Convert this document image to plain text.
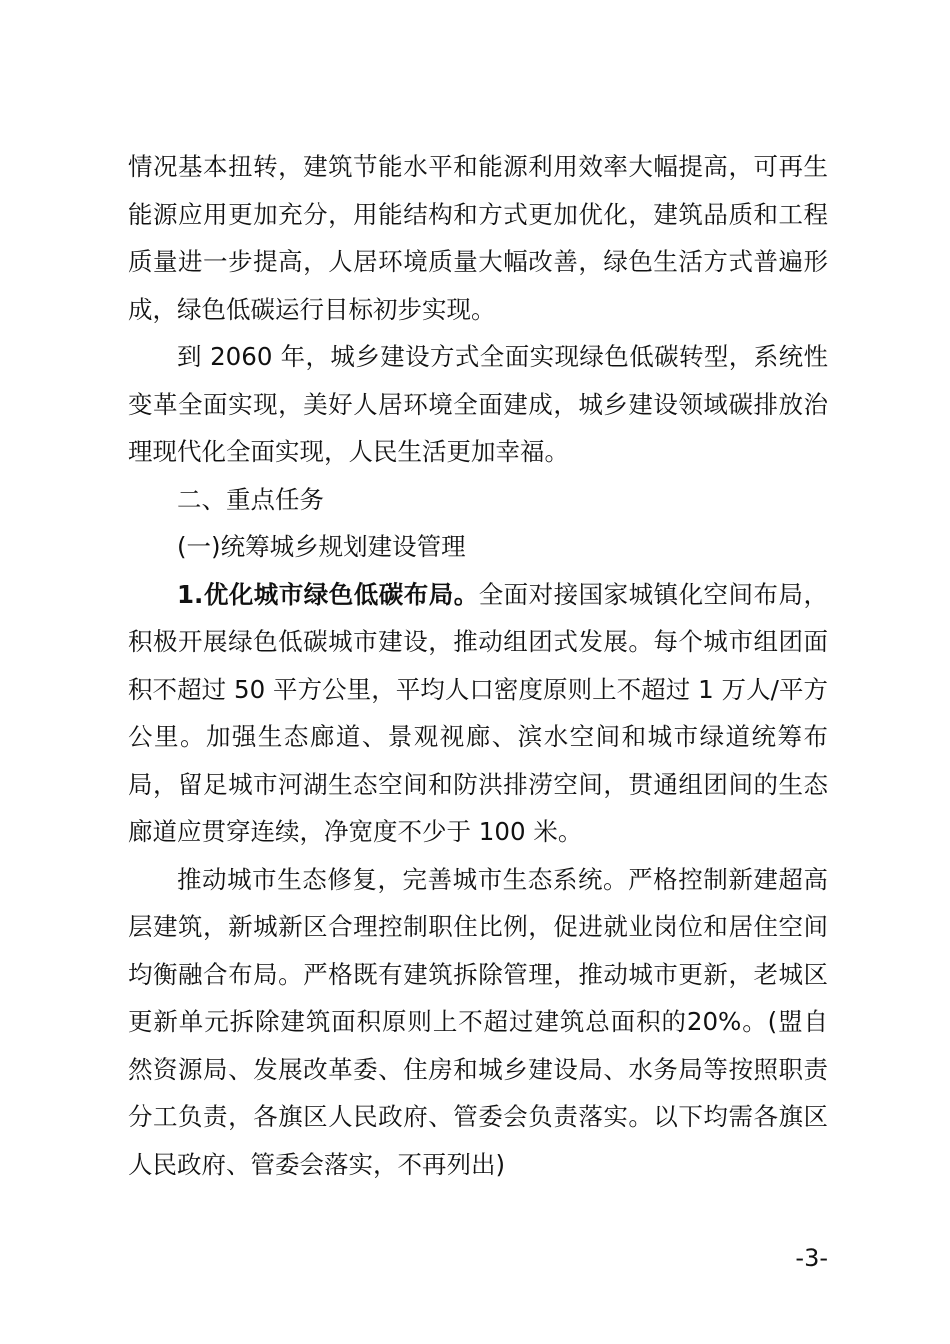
情况基本扭转，建筑节能水平和能源利用效率大幅提高，可再生能源应用更加充分，用能结构和方式更加优化，建筑品质和工程质量进一步提高，人居环境质量大幅改善，绿色生活方式普遍形成，绿色低碳运行目标初步实现。

到 2060 年，城乡建设方式全面实现绿色低碳转型，系统性变革全面实现，美好人居环境全面建成，城乡建设领域碳排放治理现代化全面实现，人民生活更加幸福。

二、重点任务

(一)统筹城乡规划建设管理

1.优化城市绿色低碳布局。全面对接国家城镇化空间布局，积极开展绿色低碳城市建设，推动组团式发展。每个城市组团面积不超过 50 平方公里，平均人口密度原则上不超过 1 万人/平方公里。加强生态廊道、景观视廊、滨水空间和城市绿道统筹布局，留足城市河湖生态空间和防洪排涝空间，贯通组团间的生态廊道应贯穿连续，净宽度不少于 100 米。

推动城市生态修复，完善城市生态系统。严格控制新建超高层建筑，新城新区合理控制职住比例，促进就业岗位和居住空间均衡融合布局。严格既有建筑拆除管理，推动城市更新，老城区更新单元拆除建筑面积原则上不超过建筑总面积的20%。(盟自然资源局、发展改革委、住房和城乡建设局、水务局等按照职责分工负责，各旗区人民政府、管委会负责落实。以下均需各旗区人民政府、管委会落实，不再列出)

-3-
